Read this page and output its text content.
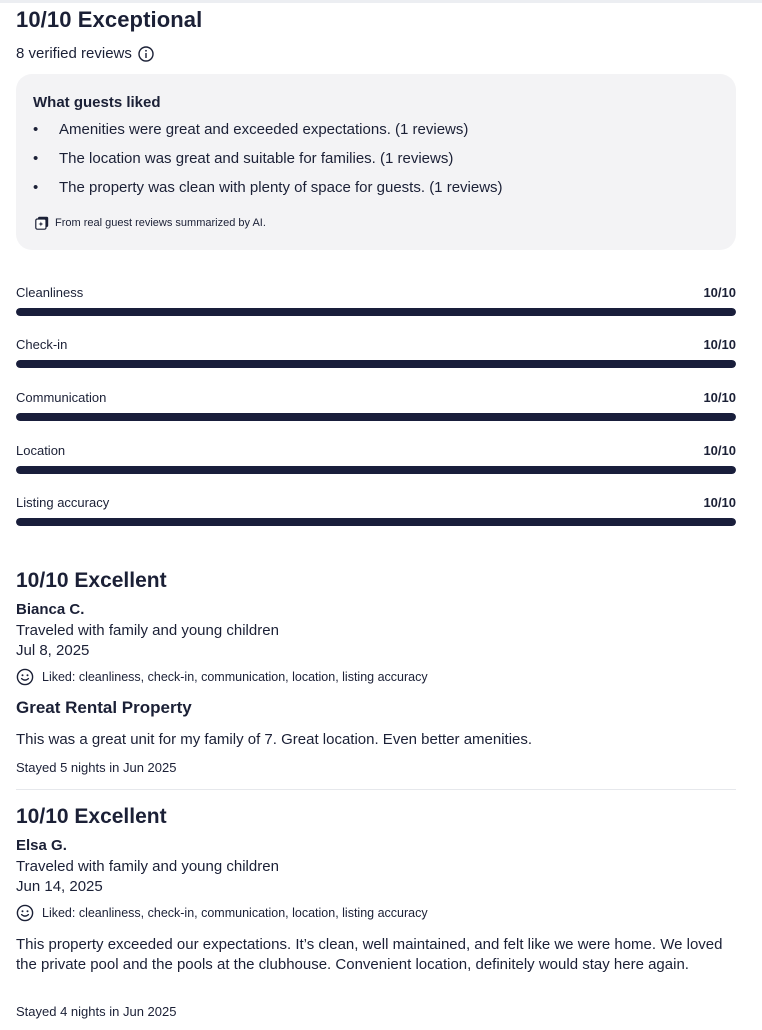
10/10 Exceptional
8 verified reviews
What guests liked
• Amenities were great and exceeded expectations. (1 reviews)
• The location was great and suitable for families. (1 reviews)
• The property was clean with plenty of space for guests. (1 reviews)
From real guest reviews summarized by AI.
Cleanliness	10/10
Check-in	10/10
Communication	10/10
Location	10/10
Listing accuracy	10/10
10/10 Excellent
Bianca C.
Traveled with family and young children
Jul 8, 2025
Liked: cleanliness, check-in, communication, location, listing accuracy
Great Rental Property
This was a great unit for my family of 7. Great location. Even better amenities.
Stayed 5 nights in Jun 2025
10/10 Excellent
Elsa G.
Traveled with family and young children
Jun 14, 2025
Liked: cleanliness, check-in, communication, location, listing accuracy
This property exceeded our expectations. It’s clean, well maintained, and felt like we were home. We loved the private pool and the pools at the clubhouse. Convenient location, definitely would stay here again.
Stayed 4 nights in Jun 2025
